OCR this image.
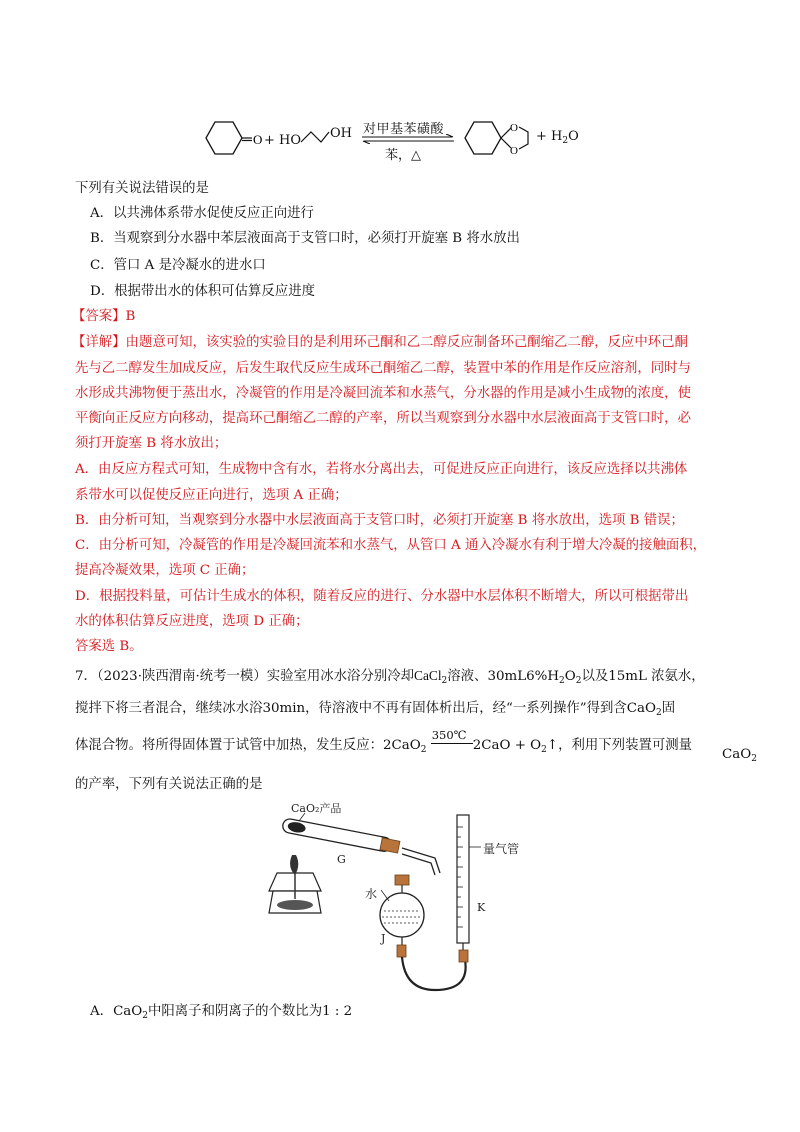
O + HO OH 对甲基苯磺酸
苯，△
O
O
+ $H_2O$
下列有关说法错误的是
A．以共沸体系带水促使反应正向进行
B．当观察到分水器中苯层液面高于支管口时，必须打开旋塞 B 将水放出
C．管口 A 是冷凝水的进水口
D．根据带出水的体积可估算反应进度
【答案】B
【详解】由题意可知，该实验的实验目的是利用环己酮和乙二醇反应制备环己酮缩乙二醇，反应中环己酮
先与乙二醇发生加成反应，后发生取代反应生成环己酮缩乙二醇，装置中苯的作用是作反应溶剂，同时与
水形成共沸物便于蒸出水，冷凝管的作用是冷凝回流苯和水蒸气，分水器的作用是减小生成物的浓度，使
平衡向正反应方向移动，提高环己酮缩乙二醇的产率，所以当观察到分水器中水层液面高于支管口时，必
须打开旋塞 B 将水放出；
A．由反应方程式可知，生成物中含有水，若将水分离出去，可促进反应正向进行，该反应选择以共沸体
系带水可以促使反应正向进行，选项 A 正确；
B．由分析可知，当观察到分水器中水层液面高于支管口时，必须打开旋塞 B 将水放出，选项 B 错误；
C．由分析可知，冷凝管的作用是冷凝回流苯和水蒸气，从管口 A 通入冷凝水有利于增大冷凝的接触面积，
提高冷凝效果，选项 C 正确；
D．根据投料量，可估计生成水的体积，随着反应的进行、分水器中水层体积不断增大，所以可根据带出
水的体积估算反应进度，选项 D 正确；
答案选 B。
7．（2023·陕西渭南·统考一模）实验室用冰水浴分别冷却CaCl$_2$溶液、$30mL6\%H_2O_2$以及15mL 浓氨水，
搅拌下将三者混合，继续冰水浴30min，待溶液中不再有固体析出后，经“一系列操作”得到含CaO$_2$固
体混合物。将所得固体置于试管中加热，发生反应：2CaO$_2$
350℃
$2CaO + O_2↑$，利用下列装置可测量
CaO$_2$
的产率，下列有关说法正确的是
CaO₂产品
G
水
J
K
量气管
A．CaO$_2$中阳离子和阴离子的个数比为1 : 2
